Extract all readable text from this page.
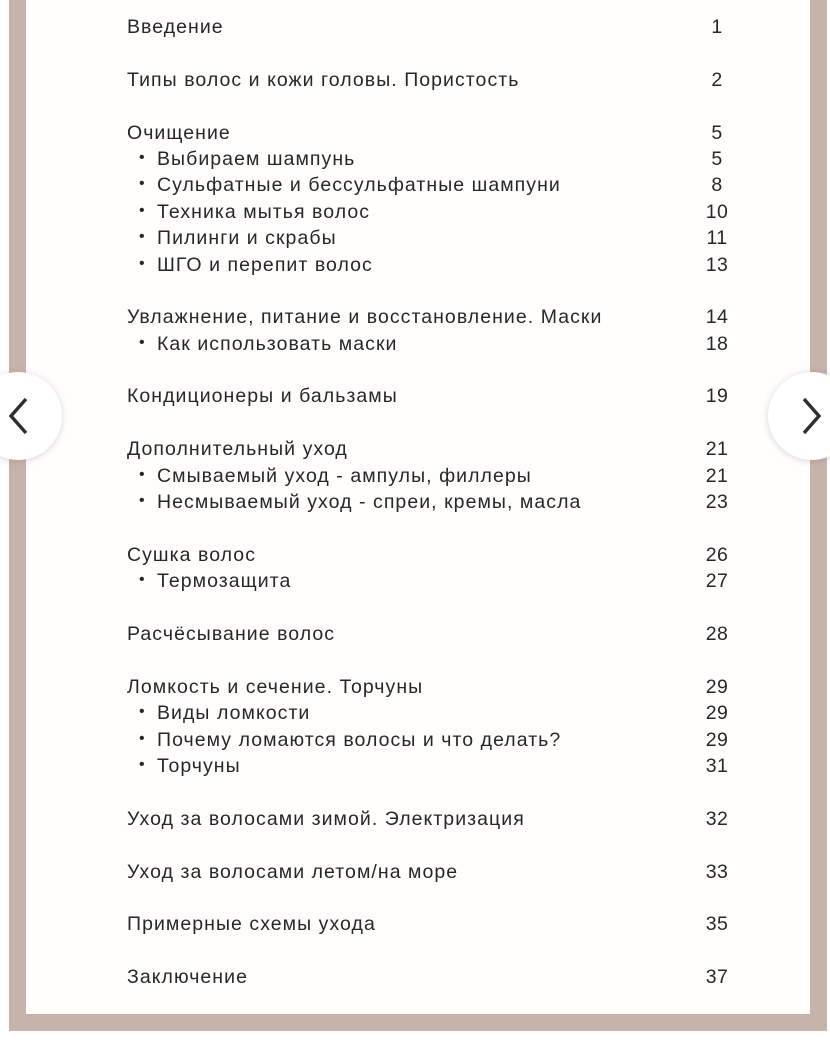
Введение	1
Типы волос и кожи головы. Пористость	2
Очищение	5
• Выбираем шампунь	5
• Сульфатные и бессульфатные шампуни	8
• Техника мытья волос	10
• Пилинги и скрабы	11
• ШГО и перепит волос	13
Увлажнение, питание и восстановление. Маски	14
• Как использовать маски	18
Кондиционеры и бальзамы	19
Дополнительный уход	21
• Смываемый уход - ампулы, филлеры	21
• Несмываемый уход - спреи, кремы, масла	23
Сушка волос	26
• Термозащита	27
Расчёсывание волос	28
Ломкость и сечение. Торчуны	29
• Виды ломкости	29
• Почему ломаются волосы и что делать?	29
• Торчуны	31
Уход за волосами зимой. Электризация	32
Уход за волосами летом/на море	33
Примерные схемы ухода	35
Заключение	37
